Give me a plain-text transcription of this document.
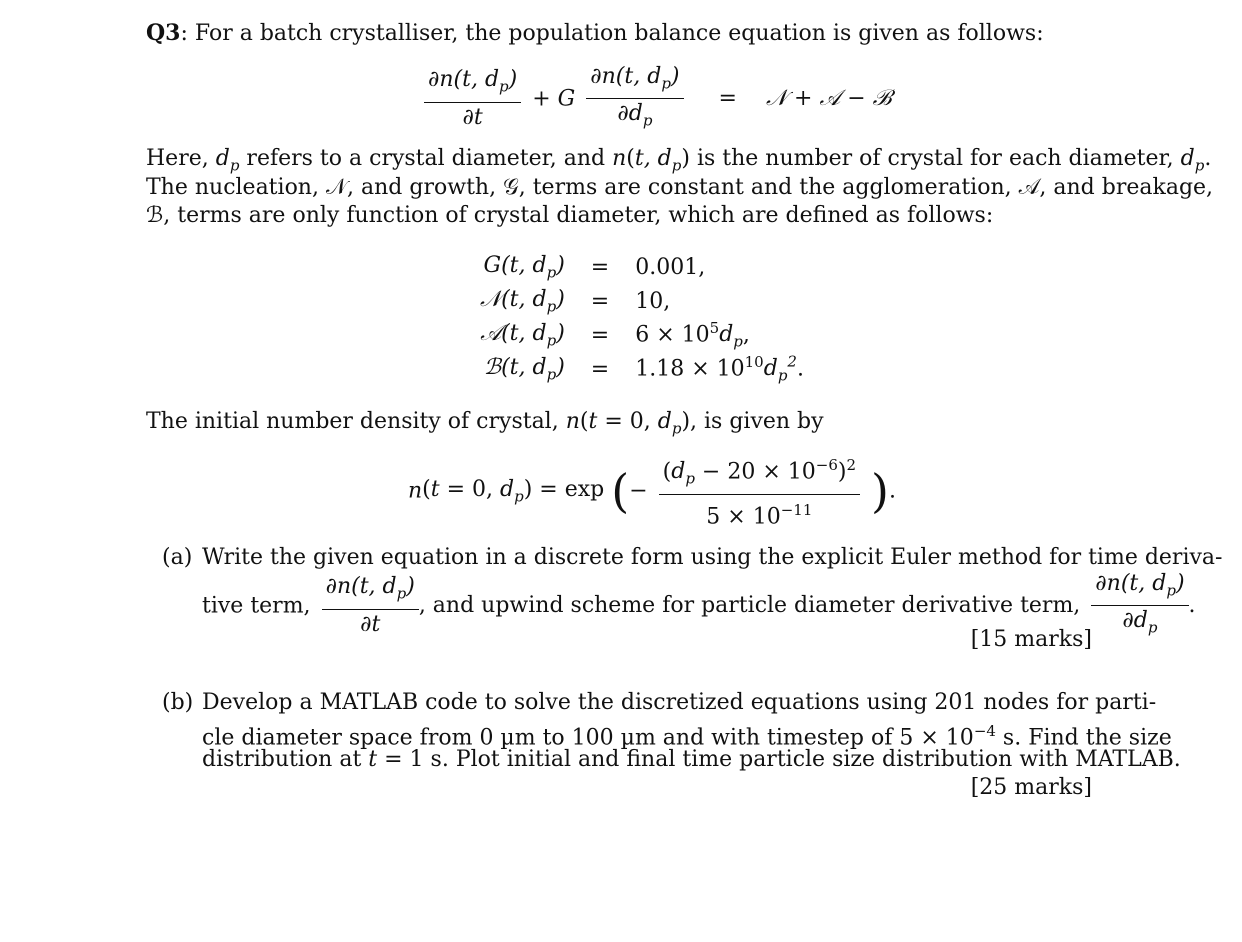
Q3: For a batch crystalliser, the population balance equation is given as follows:
$\frac{\partial n(t, d_p)}{\partial t} + G \frac{\partial n(t, d_p)}{\partial d_p}$ = 𝒩 + 𝒜 − ℬ
Here, $d_p$ refers to a crystal diameter, and n(t, $d_p$) is the number of crystal for each diameter, $d_p$.
The nucleation, 𝒩, and growth, 𝒢, terms are constant and the agglomeration, 𝒜, and breakage,
ℬ, terms are only function of crystal diameter, which are defined as follows:
G(t, $d_p$)	=	0.001,
𝒩(t, $d_p$)	=	10,
𝒜(t, $d_p$)	=	$6 \times 10^5d_p$,
ℬ(t, $d_p$)	=	$1.18 \times 10^{10}d_p^2$.
The initial number density of crystal, n(t = 0, $d_p$), is given by
n(t = 0, $d_p) = \exp$ (− $\frac{(d_p - 20 \times 10^{-6})^2}{5 \times 10^{-11}}$ ).
(a) Write the given equation in a discrete form using the explicit Euler method for time deriva-
tive term, $\frac{\partial n(t, d_p)}{\partial t}$ , and upwind scheme for particle diameter derivative term, $\frac{\partial n(t, d_p)}{\partial d_p}$ .
[15 marks]
(b) Develop a MATLAB code to solve the discretized equations using 201 nodes for parti-
cle diameter space from 0 µm to 100 µm and with timestep of $5 \times 10^{-4}$ s. Find the size
distribution at t = 1 s. Plot initial and final time particle size distribution with MATLAB.
[25 marks]
